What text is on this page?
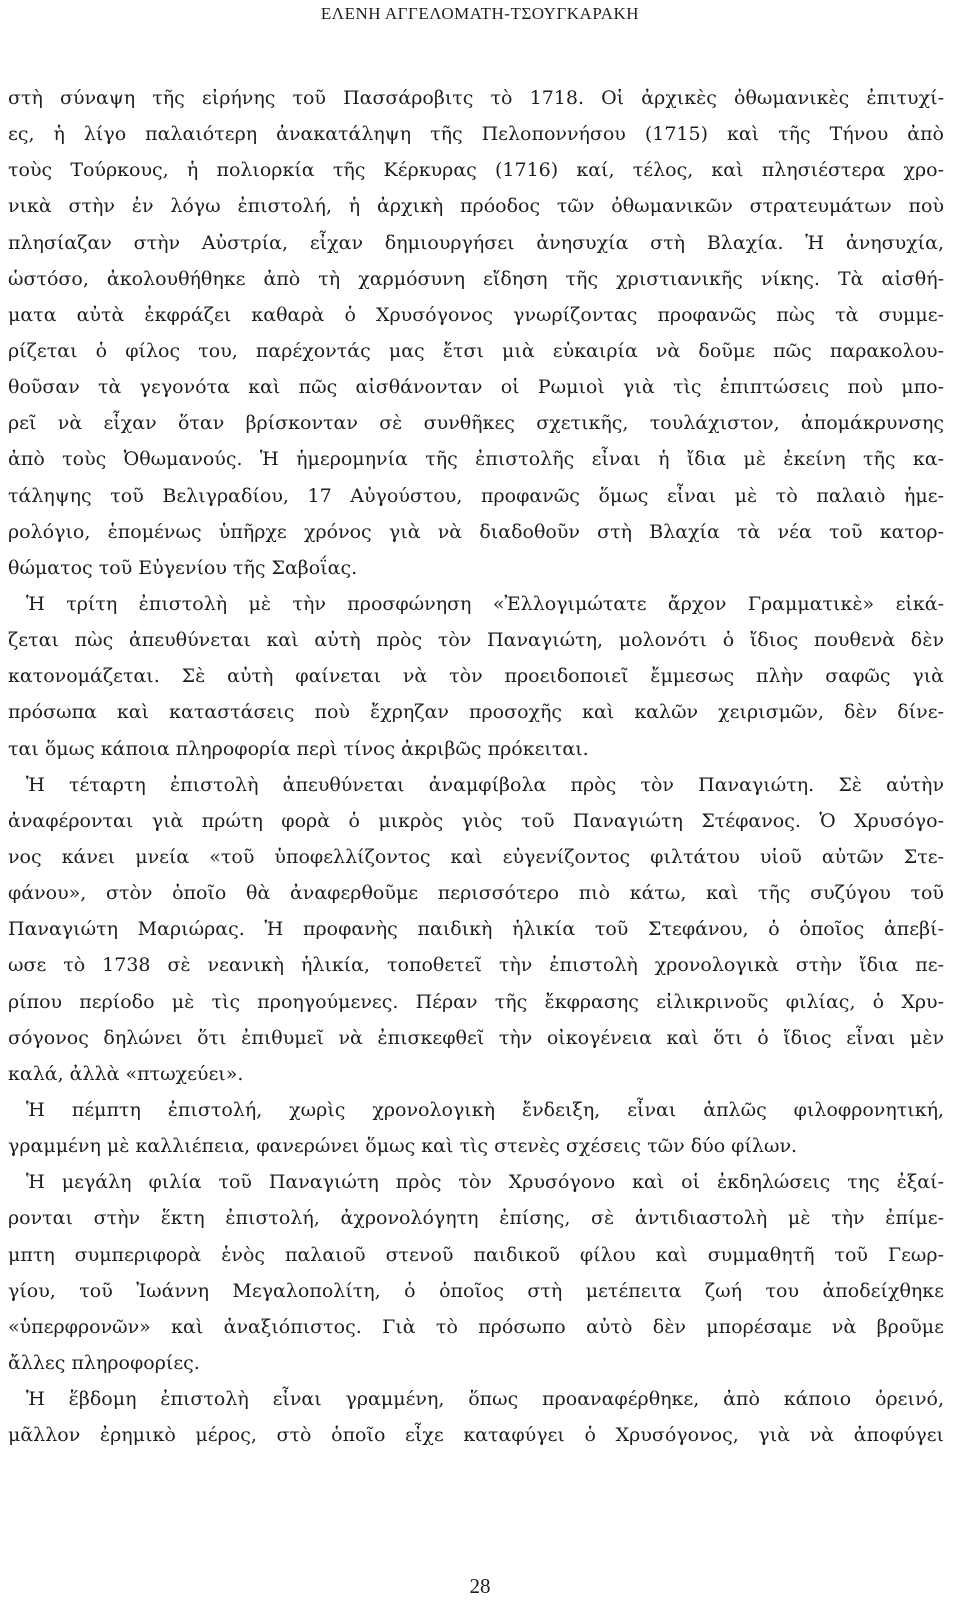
ΕΛΕΝΗ ΑΓΓΕΛΟΜΑΤΗ-ΤΣΟΥΓΚΑΡΑΚΗ
στὴ σύναψη τῆς εἰρήνης τοῦ Πασσάροβιτς τὸ 1718. Οἱ ἀρχικὲς ὀθωμανικὲς ἐπιτυχί-
ες, ἡ λίγο παλαιότερη ἀνακατάληψη τῆς Πελοποννήσου (1715) καὶ τῆς Τήνου ἀπὸ
τοὺς Τούρκους, ἡ πολιορκία τῆς Κέρκυρας (1716) καί, τέλος, καὶ πλησιέστερα χρο-
νικὰ στὴν ἐν λόγω ἐπιστολή, ἡ ἀρχικὴ πρόοδος τῶν ὀθωμανικῶν στρατευμάτων ποὺ
πλησίαζαν στὴν Αὐστρία, εἶχαν δημιουργήσει ἀνησυχία στὴ Βλαχία. Ἡ ἀνησυχία,
ὡστόσο, ἀκολουθήθηκε ἀπὸ τὴ χαρμόσυνη εἴδηση τῆς χριστιανικῆς νίκης. Τὰ αἰσθή-
ματα αὐτὰ ἐκφράζει καθαρὰ ὁ Χρυσόγονος γνωρίζοντας προφανῶς πὼς τὰ συμμε-
ρίζεται ὁ φίλος του, παρέχοντάς μας ἔτσι μιὰ εὐκαιρία νὰ δοῦμε πῶς παρακολου-
θοῦσαν τὰ γεγονότα καὶ πῶς αἰσθάνονταν οἱ Ρωμιοὶ γιὰ τὶς ἐπιπτώσεις ποὺ μπο-
ρεῖ νὰ εἶχαν ὅταν βρίσκονταν σὲ συνθῆκες σχετικῆς, τουλάχιστον, ἀπομάκρυνσης
ἀπὸ τοὺς Ὀθωμανούς. Ἡ ἡμερομηνία τῆς ἐπιστολῆς εἶναι ἡ ἴδια μὲ ἐκείνη τῆς κα-
τάληψης τοῦ Βελιγραδίου, 17 Αὐγούστου, προφανῶς ὅμως εἶναι μὲ τὸ παλαιὸ ἡμε-
ρολόγιο, ἑπομένως ὑπῆρχε χρόνος γιὰ νὰ διαδοθοῦν στὴ Βλαχία τὰ νέα τοῦ κατορ-
θώματος τοῦ Εὐγενίου τῆς Σαβοΐας.
Ἡ τρίτη ἐπιστολὴ μὲ τὴν προσφώνηση «Ἐλλογιμώτατε ἄρχον Γραμματικὲ» εἰκά-
ζεται πὼς ἀπευθύνεται καὶ αὐτὴ πρὸς τὸν Παναγιώτη, μολονότι ὁ ἴδιος πουθενὰ δὲν
κατονομάζεται. Σὲ αὐτὴ φαίνεται νὰ τὸν προειδοποιεῖ ἔμμεσως πλὴν σαφῶς γιὰ
πρόσωπα καὶ καταστάσεις ποὺ ἔχρηζαν προσοχῆς καὶ καλῶν χειρισμῶν, δὲν δίνε-
ται ὅμως κάποια πληροφορία περὶ τίνος ἀκριβῶς πρόκειται.
Ἡ τέταρτη ἐπιστολὴ ἀπευθύνεται ἀναμφίβολα πρὸς τὸν Παναγιώτη. Σὲ αὐτὴν
ἀναφέρονται γιὰ πρώτη φορὰ ὁ μικρὸς γιὸς τοῦ Παναγιώτη Στέφανος. Ὁ Χρυσόγο-
νος κάνει μνεία «τοῦ ὑποφελλίζοντος καὶ εὐγενίζοντος φιλτάτου υἱοῦ αὐτῶν Στε-
φάνου», στὸν ὁποῖο θὰ ἀναφερθοῦμε περισσότερο πιὸ κάτω, καὶ τῆς συζύγου τοῦ
Παναγιώτη Μαριώρας. Ἡ προφανὴς παιδικὴ ἡλικία τοῦ Στεφάνου, ὁ ὁποῖος ἀπεβί-
ωσε τὸ 1738 σὲ νεανικὴ ἡλικία, τοποθετεῖ τὴν ἐπιστολὴ χρονολογικὰ στὴν ἴδια πε-
ρίπου περίοδο μὲ τὶς προηγούμενες. Πέραν τῆς ἔκφρασης εἰλικρινοῦς φιλίας, ὁ Χρυ-
σόγονος δηλώνει ὅτι ἐπιθυμεῖ νὰ ἐπισκεφθεῖ τὴν οἰκογένεια καὶ ὅτι ὁ ἴδιος εἶναι μὲν
καλά, ἀλλὰ «πτωχεύει».
Ἡ πέμπτη ἐπιστολή, χωρὶς χρονολογικὴ ἔνδειξη, εἶναι ἁπλῶς φιλοφρονητική,
γραμμένη μὲ καλλιέπεια, φανερώνει ὅμως καὶ τὶς στενὲς σχέσεις τῶν δύο φίλων.
Ἡ μεγάλη φιλία τοῦ Παναγιώτη πρὸς τὸν Χρυσόγονο καὶ οἱ ἐκδηλώσεις της ἐξαί-
ρονται στὴν ἕκτη ἐπιστολή, ἀχρονολόγητη ἐπίσης, σὲ ἀντιδιαστολὴ μὲ τὴν ἐπίμε-
μπτη συμπεριφορὰ ἑνὸς παλαιοῦ στενοῦ παιδικοῦ φίλου καὶ συμμαθητῆ τοῦ Γεωρ-
γίου, τοῦ Ἰωάννη Μεγαλοπολίτη, ὁ ὁποῖος στὴ μετέπειτα ζωή του ἀποδείχθηκε
«ὑπερφρονῶν» καὶ ἀναξιόπιστος. Γιὰ τὸ πρόσωπο αὐτὸ δὲν μπορέσαμε νὰ βροῦμε
ἄλλες πληροφορίες.
Ἡ ἕβδομη ἐπιστολὴ εἶναι γραμμένη, ὅπως προαναφέρθηκε, ἀπὸ κάποιο ὀρεινό,
μᾶλλον ἐρημικὸ μέρος, στὸ ὁποῖο εἶχε καταφύγει ὁ Χρυσόγονος, γιὰ νὰ ἀποφύγει
28
